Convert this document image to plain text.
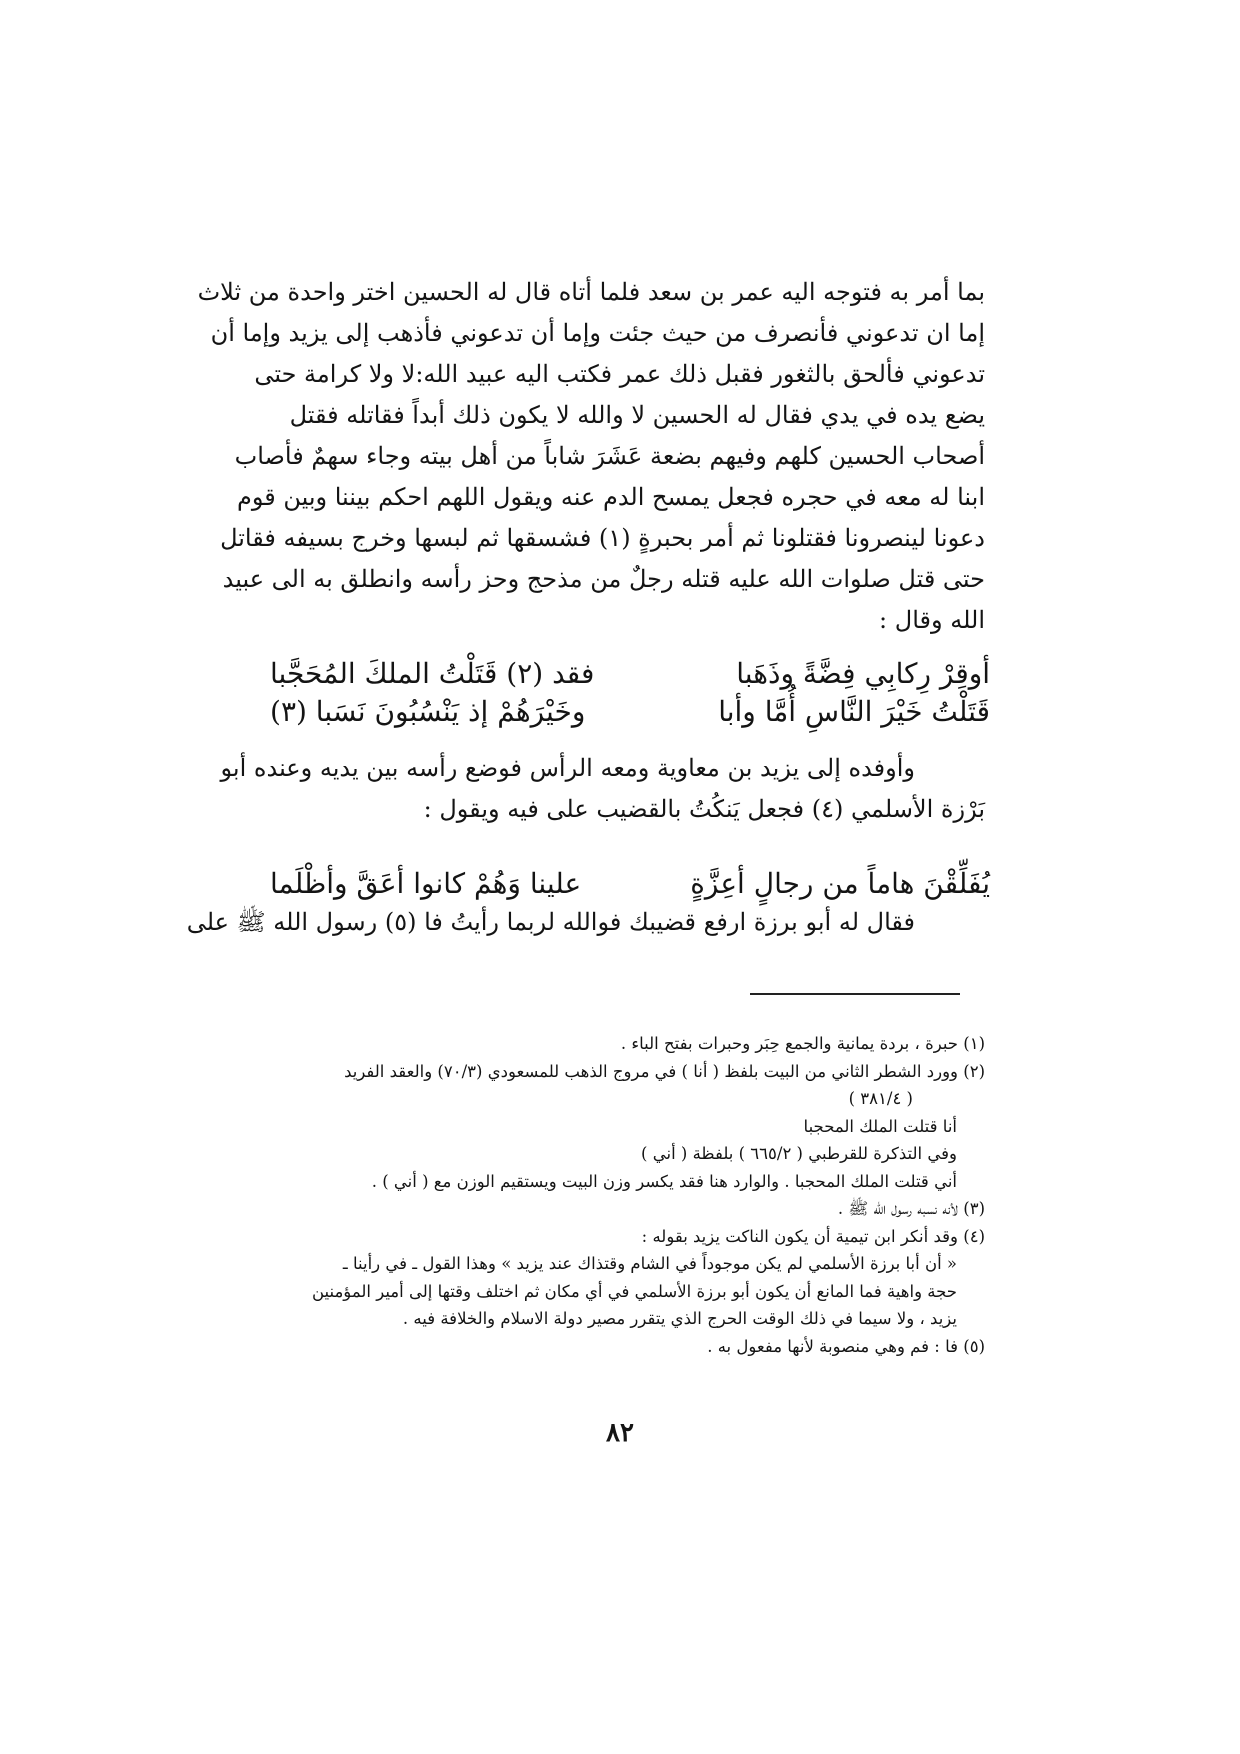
بما أمر به فتوجه اليه عمر بن سعد فلما أتاه قال له الحسين اختر واحدة من ثلاث
إما ان تدعوني فأنصرف من حيث جئت وإما أن تدعوني فأذهب إلى يزيد وإما أن
تدعوني فألحق بالثغور فقبل ذلك عمر فكتب اليه عبيد الله:لا ولا كرامة حتى
يضع يده في يدي فقال له الحسين لا والله لا يكون ذلك أبداً فقاتله فقتل
أصحاب الحسين كلهم وفيهم بضعة عَشَرَ شاباً من أهل بيته وجاء سهمٌ فأصاب
ابنا له معه في حجره فجعل يمسح الدم عنه ويقول اللهم احكم بيننا وبين قوم
دعونا لينصرونا فقتلونا ثم أمر بحبرةٍ (١) فشسقها ثم لبسها وخرج بسيفه فقاتل
حتى قتل صلوات الله عليه قتله رجلٌ من مذحج وحز رأسه وانطلق به الى عبيد
الله وقال :
أوقِرْ رِكابِي فِضَّةً وذَهَبا
فقد (٢) قَتَلْتُ الملكَ المُحَجَّبا
قَتَلْتُ خَيْرَ النَّاسِ أُمَّا وأبا
وخَيْرَهُمْ إذ يَنْسُبُونَ نَسَبا (٣)
وأوفده إلى يزيد بن معاوية ومعه الرأس فوضع رأسه بين يديه وعنده أبو
بَرْزة الأسلمي (٤) فجعل يَنكُتُ بالقضيب على فيه ويقول :
يُفَلِّقْنَ هاماً من رجالٍ أعِزَّةٍ
علينا وَهُمْ كانوا أعَقَّ وأظْلَما
فقال له أبو برزة ارفع قضيبك فوالله لربما رأيتُ فا (٥) رسول الله ﷺ على
(١) حبرة ، بردة يمانية والجمع حِبَر وحبرات بفتح الباء .
(٢) وورد الشطر الثاني من البيت بلفظ ( أنا ) في مروج الذهب للمسعودي (٧٠/٣) والعقد الفريد
( ٣٨١/٤ )
أنا قتلت الملك المحجبا
وفي التذكرة للقرطبي ( ٦٦٥/٢ ) بلفظة ( أني )
أني قتلت الملك المحجبا . والوارد هنا فقد يكسر وزن البيت ويستقيم الوزن مع ( أني ) .
(٣) لأنه نسبه رسول الله ﷺ .
(٤) وقد أنكر ابن تيمية أن يكون الناكت يزيد بقوله :
« أن أبا برزة الأسلمي لم يكن موجوداً في الشام وقتذاك عند يزيد » وهذا القول ـ في رأينا ـ
حجة واهية فما المانع أن يكون أبو برزة الأسلمي في أي مكان ثم اختلف وقتها إلى أمير المؤمنين
يزيد ، ولا سيما في ذلك الوقت الحرج الذي يتقرر مصير دولة الاسلام والخلافة فيه .
(٥) فا : فم وهي منصوبة لأنها مفعول به .
٨٢
